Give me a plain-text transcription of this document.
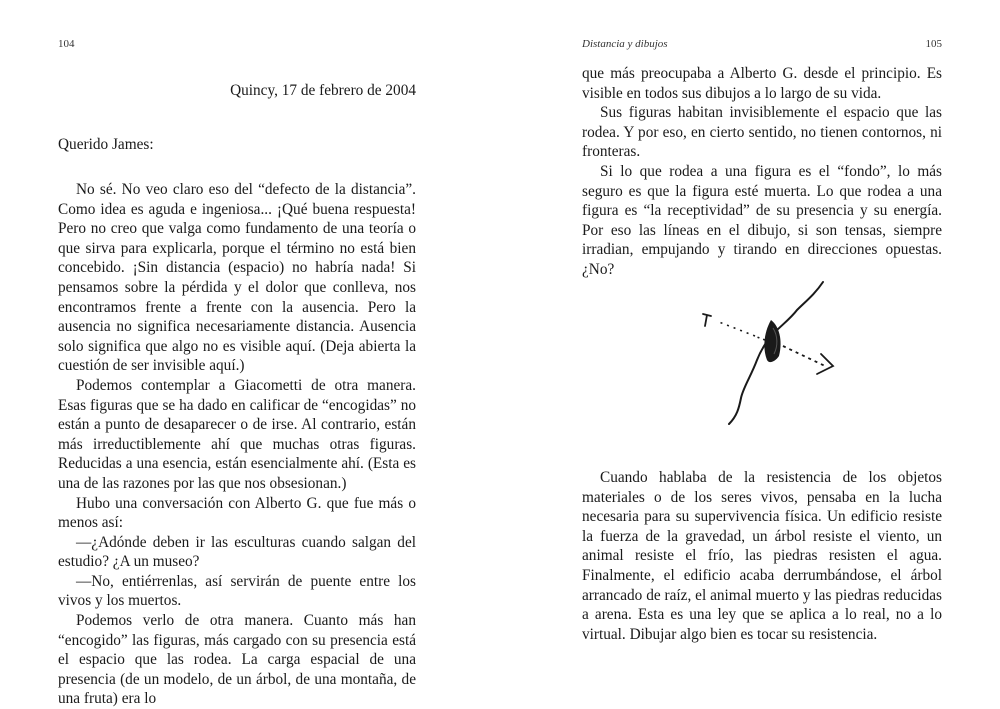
104
Quincy, 17 de febrero de 2004
Querido James:

No sé. No veo claro eso del “defecto de la distancia”. Como idea es aguda e ingeniosa... ¡Qué buena respuesta! Pero no creo que valga como fundamento de una teoría o que sirva para explicarla, porque el término no está bien concebido. ¡Sin distancia (espacio) no habría nada! Si pensamos sobre la pérdida y el dolor que conlleva, nos encontramos frente a frente con la ausencia. Pero la ausencia no significa necesariamente distancia. Ausencia solo significa que algo no es visible aquí. (Deja abierta la cuestión de ser invisible aquí.)

Podemos contemplar a Giacometti de otra manera. Esas figuras que se ha dado en calificar de “encogidas” no están a punto de desaparecer o de irse. Al contrario, están más irreductiblemente ahí que muchas otras figuras. Reducidas a una esencia, están esencialmente ahí. (Esta es una de las razones por las que nos obsesionan.)

Hubo una conversación con Alberto G. que fue más o menos así:

—¿Adónde deben ir las esculturas cuando salgan del estudio? ¿A un museo?

—No, entiérrenlas, así servirán de puente entre los vivos y los muertos.

Podemos verlo de otra manera. Cuanto más han “encogido” las figuras, más cargado con su presencia está el espacio que las rodea. La carga espacial de una presencia (de un modelo, de un árbol, de una montaña, de una fruta) era lo

Distancia y dibujos	105

que más preocupaba a Alberto G. desde el principio. Es visible en todos sus dibujos a lo largo de su vida.

Sus figuras habitan invisiblemente el espacio que las rodea. Y por eso, en cierto sentido, no tienen contornos, ni fronteras.

Si lo que rodea a una figura es el “fondo”, lo más seguro es que la figura esté muerta. Lo que rodea a una figura es “la receptividad” de su presencia y su energía. Por eso las líneas en el dibujo, si son tensas, siempre irradian, empujando y tirando en direcciones opuestas. ¿No?

Cuando hablaba de la resistencia de los objetos materiales o de los seres vivos, pensaba en la lucha necesaria para su supervivencia física. Un edificio resiste la fuerza de la gravedad, un árbol resiste el viento, un animal resiste el frío, las piedras resisten el agua. Finalmente, el edificio acaba derrumbándose, el árbol arrancado de raíz, el animal muerto y las piedras reducidas a arena. Esta es una ley que se aplica a lo real, no a lo virtual. Dibujar algo bien es tocar su resistencia.
